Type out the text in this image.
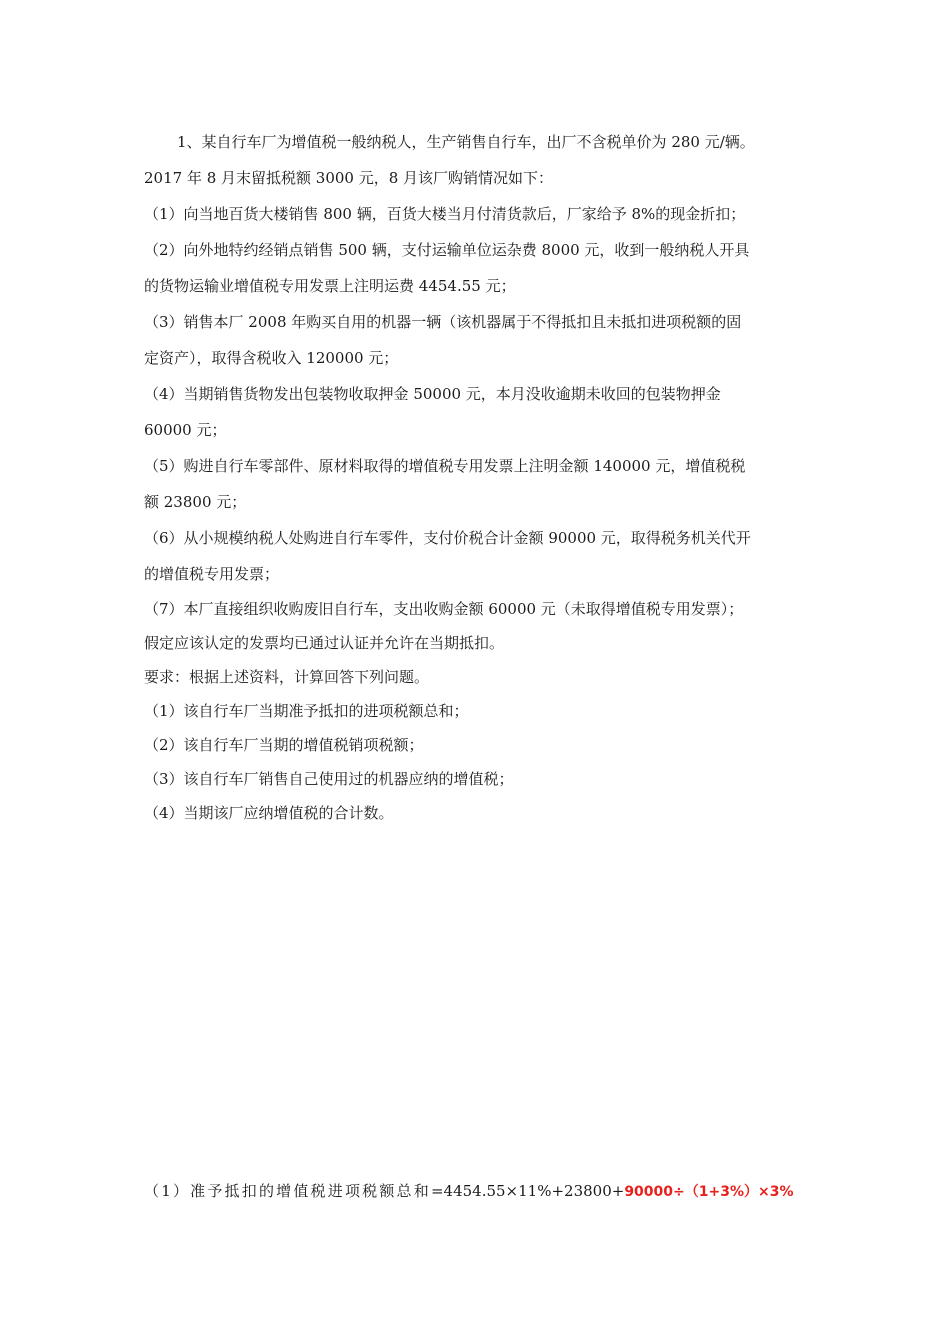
1、某自行车厂为增值税一般纳税人，生产销售自行车，出厂不含税单价为 280 元/辆。
2017 年 8 月末留抵税额 3000 元，8 月该厂购销情况如下：
（1）向当地百货大楼销售 800 辆，百货大楼当月付清货款后，厂家给予 8%的现金折扣；
（2）向外地特约经销点销售 500 辆，支付运输单位运杂费 8000 元，收到一般纳税人开具
的货物运输业增值税专用发票上注明运费 4454.55 元；
（3）销售本厂 2008 年购买自用的机器一辆（该机器属于不得抵扣且未抵扣进项税额的固
定资产），取得含税收入 120000 元；
（4）当期销售货物发出包装物收取押金 50000 元，本月没收逾期未收回的包装物押金
60000 元；
（5）购进自行车零部件、原材料取得的增值税专用发票上注明金额 140000 元，增值税税
额 23800 元；
（6）从小规模纳税人处购进自行车零件，支付价税合计金额 90000 元，取得税务机关代开
的增值税专用发票；
（7）本厂直接组织收购废旧自行车，支出收购金额 60000 元（未取得增值税专用发票）；
假定应该认定的发票均已通过认证并允许在当期抵扣。
要求：根据上述资料，计算回答下列问题。
（1）该自行车厂当期准予抵扣的进项税额总和；
（2）该自行车厂当期的增值税销项税额；
（3）该自行车厂销售自己使用过的机器应纳的增值税；
（4）当期该厂应纳增值税的合计数。
（1）准予抵扣的增值税进项税额总和=4454.55×11%+23800+90000÷（1+3%）×3%
